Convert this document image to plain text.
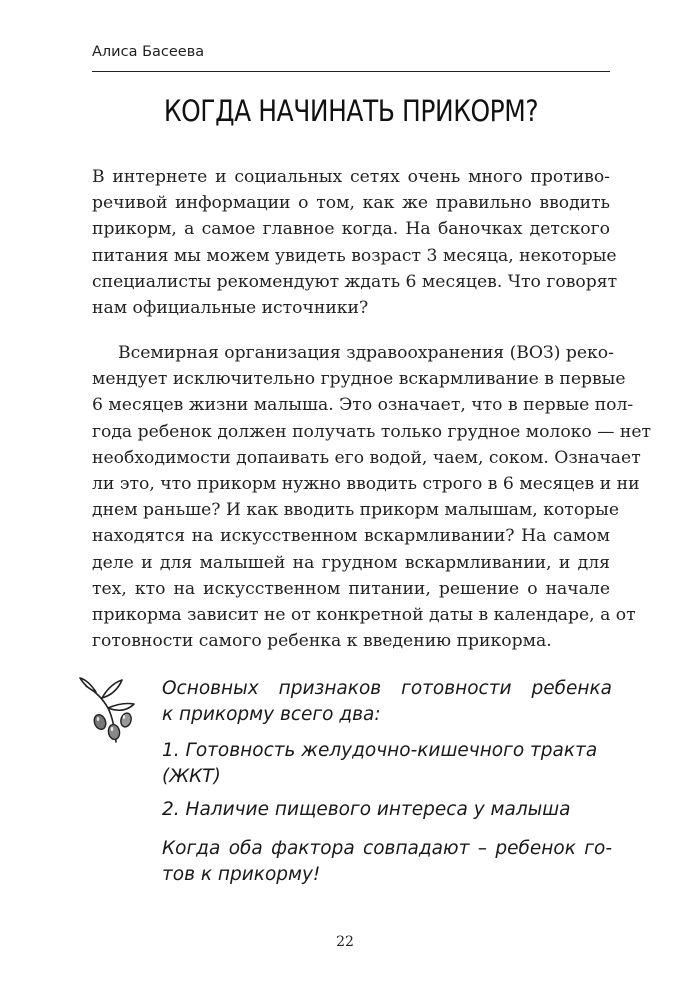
Алиса Басеева
КОГДА НАЧИНАТЬ ПРИКОРМ?
В интернете и социальных сетях очень много противо-
речивой информации о том, как же правильно вводить
прикорм, а самое главное когда. На баночках детского
питания мы можем увидеть возраст 3 месяца, некоторые
специалисты рекомендуют ждать 6 месяцев. Что говорят
нам официальные источники?
Всемирная организация здравоохранения (ВОЗ) реко-
мендует исключительно грудное вскармливание в первые
6 месяцев жизни малыша. Это означает, что в первые пол-
года ребенок должен получать только грудное молоко — нет
необходимости допаивать его водой, чаем, соком. Означает
ли это, что прикорм нужно вводить строго в 6 месяцев и ни
днем раньше? И как вводить прикорм малышам, которые
находятся на искусственном вскармливании? На самом
деле и для малышей на грудном вскармливании, и для
тех, кто на искусственном питании, решение о начале
прикорма зависит не от конкретной даты в календаре, а от
готовности самого ребенка к введению прикорма.
Основных признаков готовности ребенка
к прикорму всего два:
1. Готовность желудочно-кишечного тракта
(ЖКТ)
2. Наличие пищевого интереса у малыша
Когда оба фактора совпадают – ребенок го-
тов к прикорму!
22
